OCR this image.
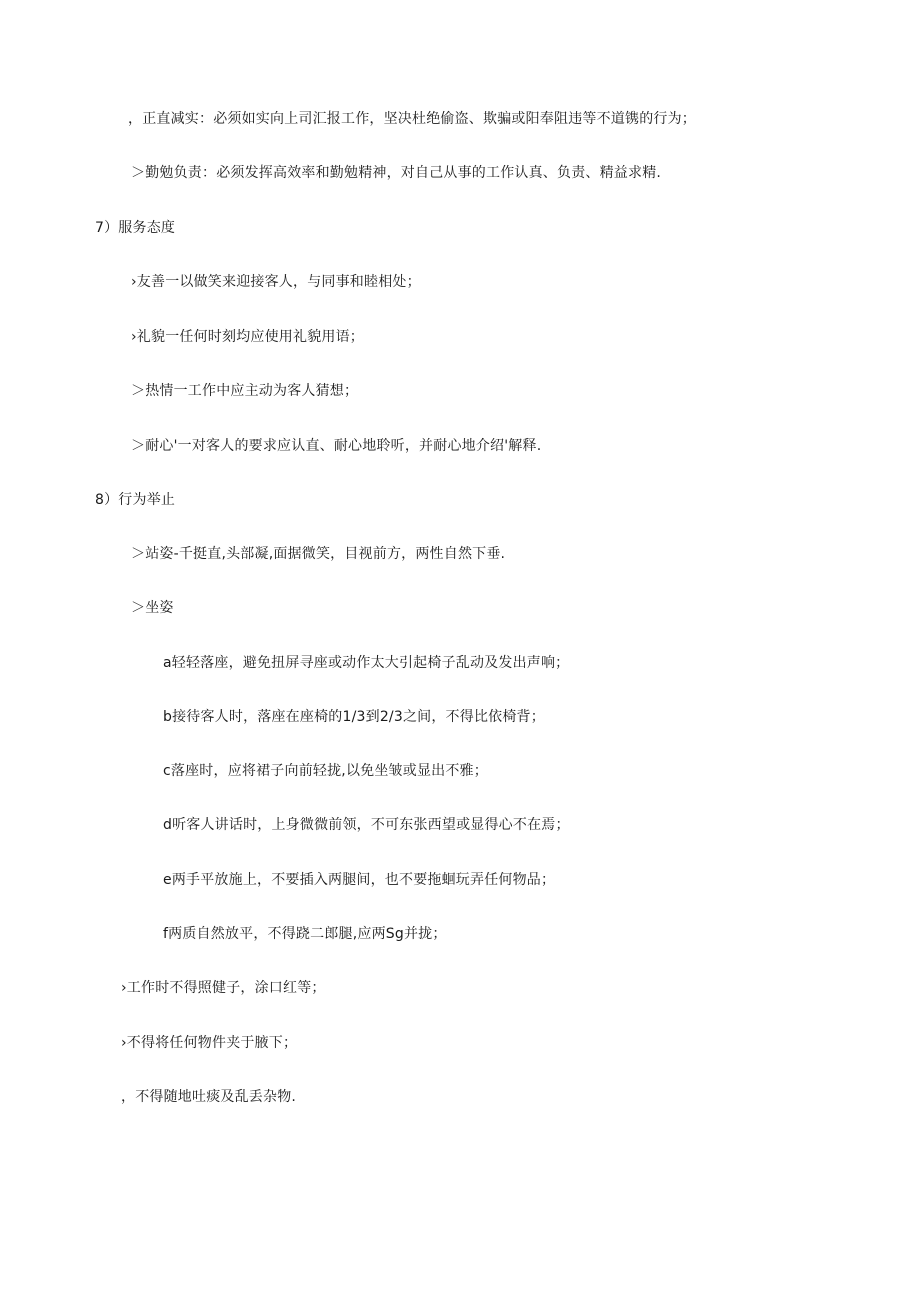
，正直减实：必须如实向上司汇报工作，坚决杜绝偷盗、欺骗或阳奉阻违等不道镌的行为；
＞勤勉负责：必须发挥高效率和勤勉精神，对自己从事的工作认真、负责、精益求精.
7）服务态度
›友善一以做笑来迎接客人，与同事和睦相处；
›礼貌一任何时刻均应使用礼貌用语；
＞热情一工作中应主动为客人猜想；
＞耐心'一对客人的要求应认直、耐心地聆听，并耐心地介绍'解释.
8）行为举止
＞站姿-千挺直,头部凝,面据微笑，目视前方，两性自然下垂.
＞坐姿
a轻轻落座，避免扭屏寻座或动作太大引起椅子乱动及发出声响；
b接待客人时，落座在座椅的1/3到2/3之间，不得比依椅背；
c落座时，应将裙子向前轻拢,以免坐皱或显出不雅；
d听客人讲话时，上身微微前领，不可东张西望或显得心不在焉；
e两手平放施上，不要插入两腿间，也不要拖蛔玩弄任何物品；
f两质自然放平，不得跷二郎腿,应两Sg并拢；
›工作时不得照健子，涂口红等；
›不得将任何物件夹于腋下；
，不得随地吐痰及乱丢杂物.
